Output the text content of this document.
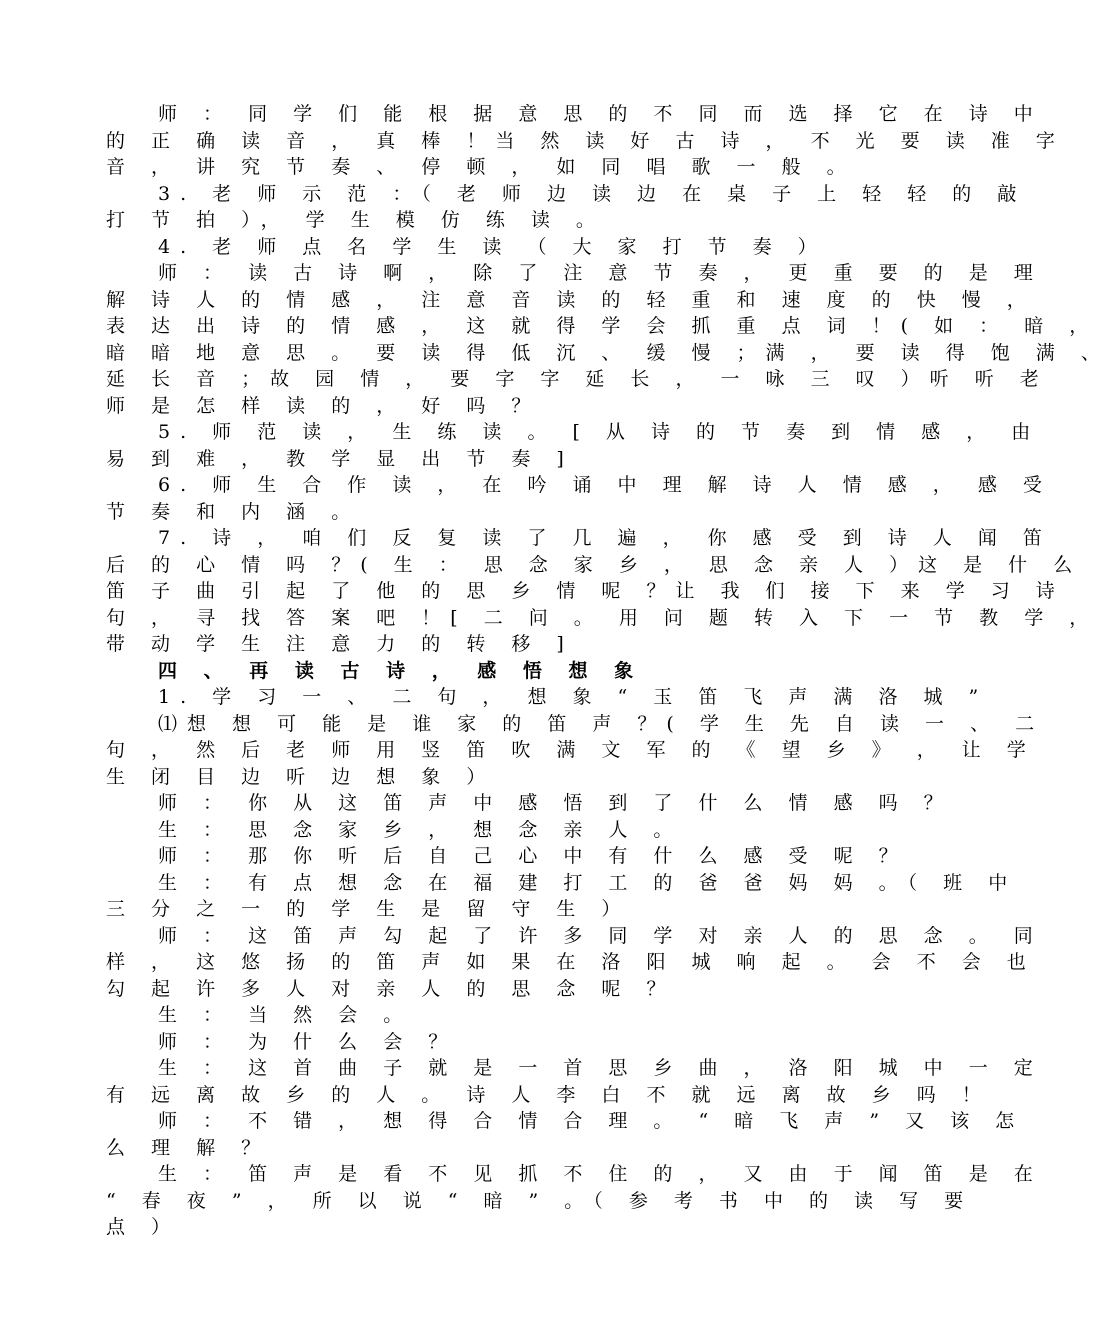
师 ： 同 学 们 能 根 据 意 思 的 不 同 而 选 择 它 在 诗 中
的 正 确 读 音 ， 真 棒 ！当 然 读 好 古 诗 ， 不 光 要 读 准 字
音 ， 讲 究 节 奏 、 停 顿 ， 如 同 唱 歌 一 般 。
3. 老 师 示 范 ：（ 老 师 边 读 边 在 桌 子 上 轻 轻 的 敲
打 节 拍 ）， 学 生 模 仿 练 读 。
4. 老 师 点 名 学 生 读 （ 大 家 打 节 奏 ）
师 ： 读 古 诗 啊 ， 除 了 注 意 节 奏 ， 更 重 要 的 是 理
解 诗 人 的 情 感 ， 注 意 音 读 的 轻 重 和 速 度 的 快 慢 ，
表 达 出 诗 的 情 感 ， 这 就 得 学 会 抓 重 点 词 ！( 如 ： 暗 ，
暗 暗 地 意 思 。 要 读 得 低 沉 、 缓 慢 ；满 ， 要 读 得 饱 满 、
延 长 音 ；故 园 情 ， 要 字 字 延 长 ， 一 咏 三 叹 ）听 听 老
师 是 怎 样 读 的 ， 好 吗 ？
5. 师 范 读 ， 生 练 读 。 [ 从 诗 的 节 奏 到 情 感 ， 由
易 到 难 ， 教 学 显 出 节 奏 ]
6. 师 生 合 作 读 ， 在 吟 诵 中 理 解 诗 人 情 感 ， 感 受
节 奏 和 内 涵 。
7. 诗 ， 咱 们 反 复 读 了 几 遍 ， 你 感 受 到 诗 人 闻 笛
后 的 心 情 吗 ？( 生 ： 思 念 家 乡 ， 思 念 亲 人 ）这 是 什 么
笛 子 曲 引 起 了 他 的 思 乡 情 呢 ？让 我 们 接 下 来 学 习 诗
句 ， 寻 找 答 案 吧 ！[ 二 问 。 用 问 题 转 入 下 一 节 教 学 ，
带 动 学 生 注 意 力 的 转 移 ]
四 、 再 读 古 诗 ， 感 悟 想 象
1. 学 习 一 、 二 句 ， 想 象 “ 玉 笛 飞 声 满 洛 城 ”
⑴想 想 可 能 是 谁 家 的 笛 声 ？( 学 生 先 自 读 一 、 二
句 ， 然 后 老 师 用 竖 笛 吹 满 文 军 的 《 望 乡 》 ， 让 学
生 闭 目 边 听 边 想 象 ）
师 ： 你 从 这 笛 声 中 感 悟 到 了 什 么 情 感 吗 ？
生 ： 思 念 家 乡 ， 想 念 亲 人 。
师 ： 那 你 听 后 自 己 心 中 有 什 么 感 受 呢 ？
生 ： 有 点 想 念 在 福 建 打 工 的 爸 爸 妈 妈 。（ 班 中
三 分 之 一 的 学 生 是 留 守 生 ）
师 ： 这 笛 声 勾 起 了 许 多 同 学 对 亲 人 的 思 念 。 同
样 ， 这 悠 扬 的 笛 声 如 果 在 洛 阳 城 响 起 。 会 不 会 也
勾 起 许 多 人 对 亲 人 的 思 念 呢 ？
生 ： 当 然 会 。
师 ： 为 什 么 会 ？
生 ： 这 首 曲 子 就 是 一 首 思 乡 曲 ， 洛 阳 城 中 一 定
有 远 离 故 乡 的 人 。 诗 人 李 白 不 就 远 离 故 乡 吗 ！
师 ： 不 错 ， 想 得 合 情 合 理 。 “ 暗 飞 声 ” 又 该 怎
么 理 解 ？
生 ： 笛 声 是 看 不 见 抓 不 住 的 ， 又 由 于 闻 笛 是 在
“ 春 夜 ” ， 所 以 说 “ 暗 ” 。（ 参 考 书 中 的 读 写 要
点 ）
